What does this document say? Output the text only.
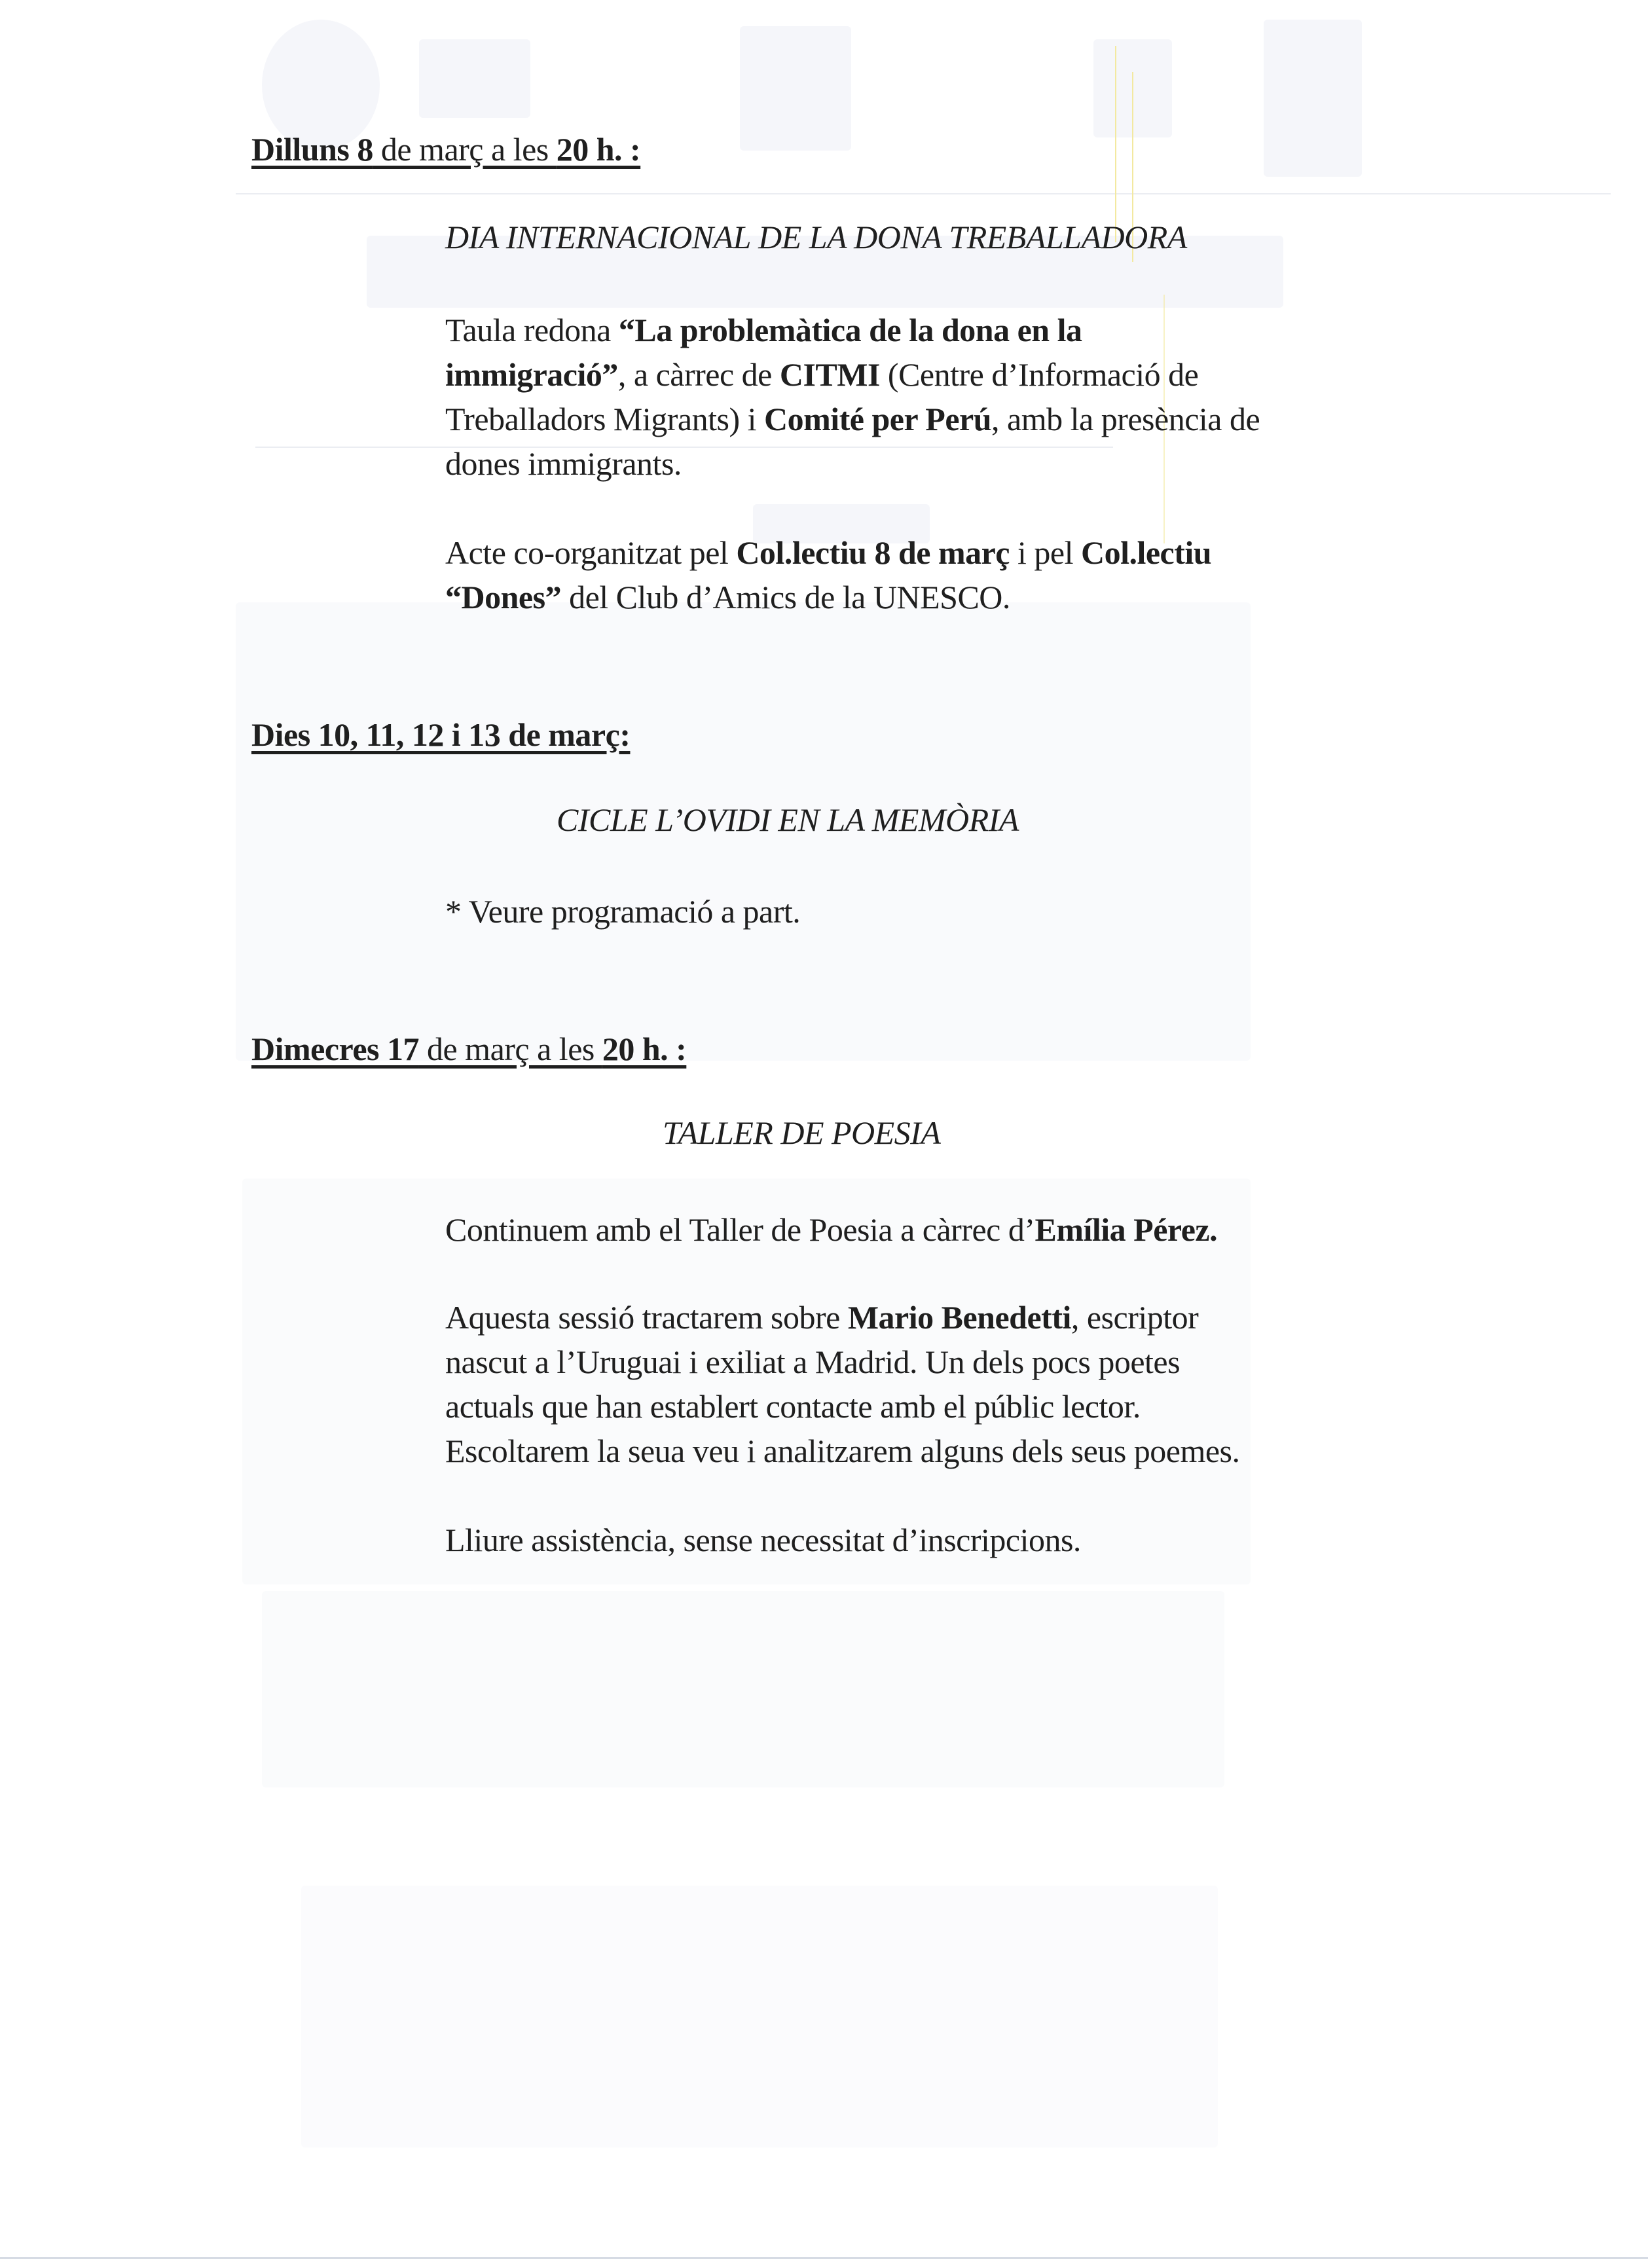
Dilluns 8 de març a les 20 h. :
DIA INTERNACIONAL DE LA DONA TREBALLADORA
Taula redona “La problemàtica de la dona en la
immigració”, a càrrec de CITMI (Centre d’Informació de
Treballadors Migrants) i Comité per Perú, amb la presència de
dones immigrants.
Acte co-organitzat pel Col.lectiu 8 de març i pel Col.lectiu
“Dones” del Club d’Amics de la UNESCO.
Dies 10, 11, 12 i 13 de març:
CICLE L’OVIDI EN LA MEMÒRIA
* Veure programació a part.
Dimecres 17 de març a les 20 h. :
TALLER DE POESIA
Continuem amb el Taller de Poesia a càrrec d’Emília Pérez.
Aquesta sessió tractarem sobre Mario Benedetti, escriptor
nascut a l’Uruguai i exiliat a Madrid. Un dels pocs poetes
actuals que han establert contacte amb el públic lector.
Escoltarem la seua veu i analitzarem alguns dels seus poemes.
Lliure assistència, sense necessitat d’inscripcions.
